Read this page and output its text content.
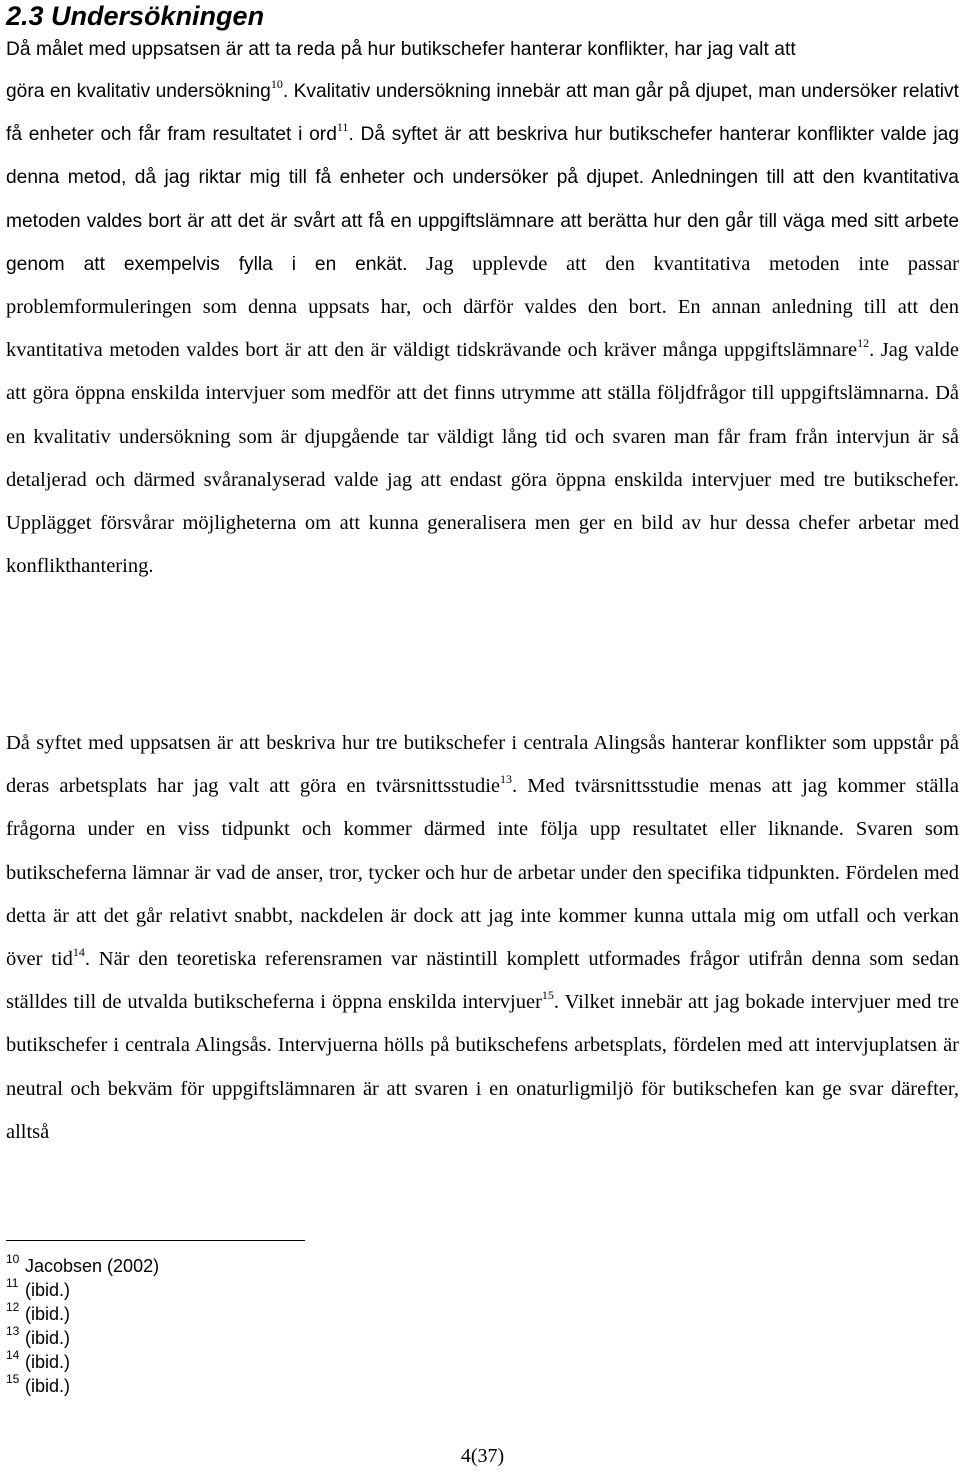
2.3 Undersökningen

Då målet med uppsatsen är att ta reda på hur butikschefer hanterar konflikter, har jag valt att

göra en kvalitativ undersökning$^{10}$. Kvalitativ undersökning innebär att man går på djupet, man undersöker relativt få enheter och får fram resultatet i ord$^{11}$. Då syftet är att beskriva hur butikschefer hanterar konflikter valde jag denna metod, då jag riktar mig till få enheter och undersöker på djupet. Anledningen till att den kvantitativa metoden valdes bort är att det är svårt att få en uppgiftslämnare att berätta hur den går till väga med sitt arbete genom att exempelvis fylla i en enkät. Jag upplevde att den kvantitativa metoden inte passar problemformuleringen som denna uppsats har, och därför valdes den bort. En annan anledning till att den kvantitativa metoden valdes bort är att den är väldigt tidskrävande och kräver många uppgiftslämnare$^{12}$. Jag valde att göra öppna enskilda intervjuer som medför att det finns utrymme att ställa följdfrågor till uppgiftslämnarna. Då en kvalitativ undersökning som är djupgående tar väldigt lång tid och svaren man får fram från intervjun är så detaljerad och därmed svåranalyserad valde jag att endast göra öppna enskilda intervjuer med tre butikschefer. Upplägget försvårar möjligheterna om att kunna generalisera men ger en bild av hur dessa chefer arbetar med konflikthantering.

Då syftet med uppsatsen är att beskriva hur tre butikschefer i centrala Alingsås hanterar konflikter som uppstår på deras arbetsplats har jag valt att göra en tvärsnittsstudie$^{13}$. Med tvärsnittsstudie menas att jag kommer ställa frågorna under en viss tidpunkt och kommer därmed inte följa upp resultatet eller liknande. Svaren som butikscheferna lämnar är vad de anser, tror, tycker och hur de arbetar under den specifika tidpunkten. Fördelen med detta är att det går relativt snabbt, nackdelen är dock att jag inte kommer kunna uttala mig om utfall och verkan över tid$^{14}$. När den teoretiska referensramen var nästintill komplett utformades frågor utifrån denna som sedan ställdes till de utvalda butikscheferna i öppna enskilda intervjuer$^{15}$. Vilket innebär att jag bokade intervjuer med tre butikschefer i centrala Alingsås. Intervjuerna hölls på butikschefens arbetsplats, fördelen med att intervjuplatsen är neutral och bekväm för uppgiftslämnaren är att svaren i en onaturligmiljö för butikschefen kan ge svar därefter, alltså

10 Jacobsen (2002)
11 (ibid.)
12 (ibid.)
13 (ibid.)
14 (ibid.)
15 (ibid.)
4(37)
